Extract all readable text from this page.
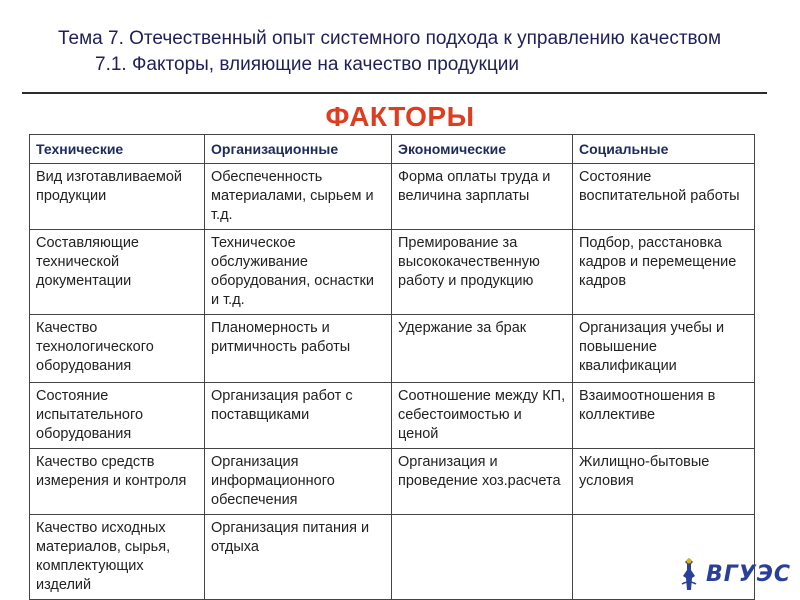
Тема 7. Отечественный опыт системного подхода к управлению качеством
7.1. Факторы, влияющие на качество продукции
ФАКТОРЫ
Технические	Организационные	Экономические	Социальные
Вид изготавливаемой продукции	Обеспеченность материалами, сырьем и т.д.	Форма оплаты труда и величина зарплаты	Состояние воспитательной работы
Составляющие технической документации	Техническое обслуживание оборудования, оснастки и т.д.	Премирование за высококачественную работу и продукцию	Подбор, расстановка кадров и перемещение кадров
Качество технологического оборудования	Планомерность и ритмичность работы	Удержание за брак	Организация учебы и повышение квалификации
Состояние испытательного оборудования	Организация работ с поставщиками	Соотношение между КП, себестоимостью и ценой	Взаимоотношения в коллективе
Качество средств измерения и контроля	Организация информационного обеспечения	Организация и проведение хоз.расчета	Жилищно-бытовые условия
Качество исходных материалов, сырья, комплектующих изделий	Организация питания и отдыха		
ВГУЭС
